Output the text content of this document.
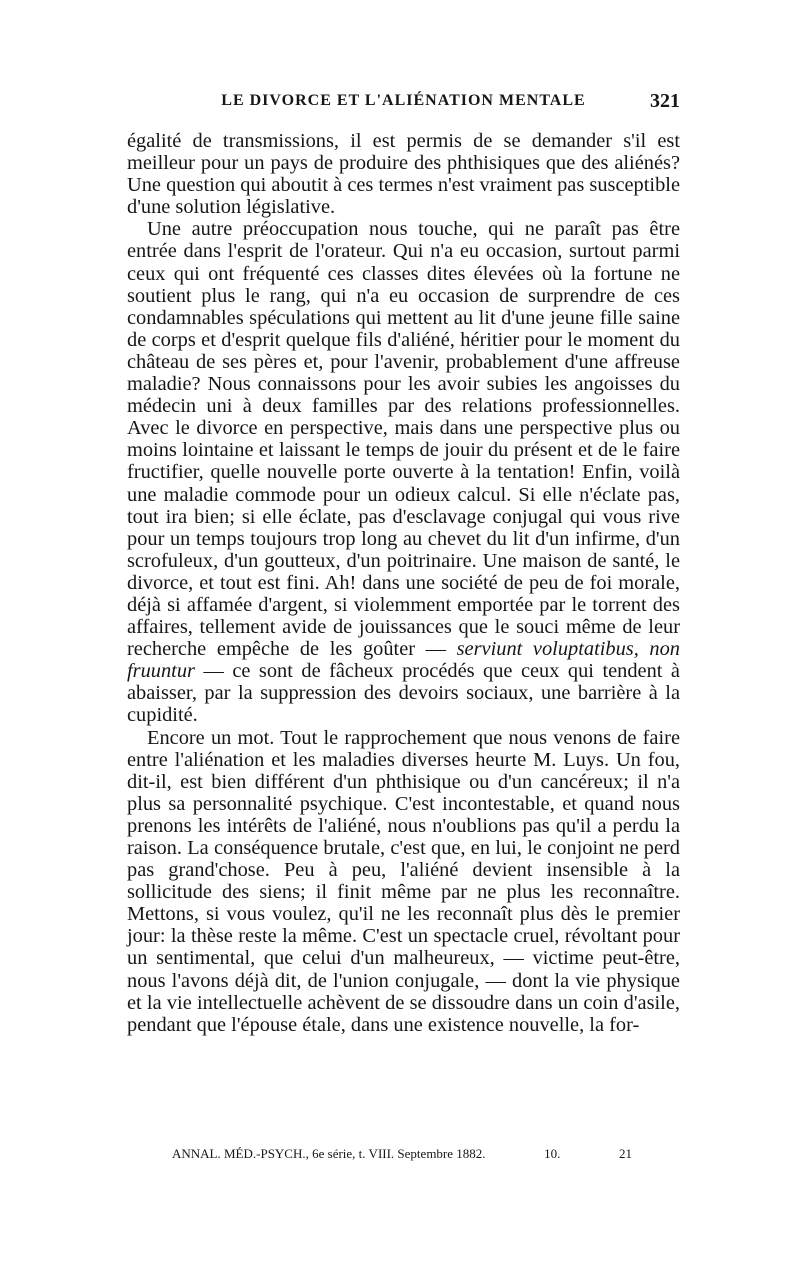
LE DIVORCE ET L'ALIÉNATION MENTALE	321

égalité de transmissions, il est permis de se demander s'il est meilleur pour un pays de produire des phthisiques que des aliénés? Une question qui aboutit à ces termes n'est vraiment pas susceptible d'une solution législative.

Une autre préoccupation nous touche, qui ne paraît pas être entrée dans l'esprit de l'orateur. Qui n'a eu occasion, surtout parmi ceux qui ont fréquenté ces classes dites élevées où la fortune ne soutient plus le rang, qui n'a eu occasion de surprendre de ces condamnables spéculations qui mettent au lit d'une jeune fille saine de corps et d'esprit quelque fils d'aliéné, héritier pour le moment du château de ses pères et, pour l'avenir, probablement d'une affreuse maladie? Nous connaissons pour les avoir subies les angoisses du médecin uni à deux familles par des relations professionnelles. Avec le divorce en perspective, mais dans une perspective plus ou moins lointaine et laissant le temps de jouir du présent et de le faire fructifier, quelle nouvelle porte ouverte à la tentation! Enfin, voilà une maladie commode pour un odieux calcul. Si elle n'éclate pas, tout ira bien; si elle éclate, pas d'esclavage conjugal qui vous rive pour un temps toujours trop long au chevet du lit d'un infirme, d'un scrofuleux, d'un goutteux, d'un poitrinaire. Une maison de santé, le divorce, et tout est fini. Ah! dans une société de peu de foi morale, déjà si affamée d'argent, si violemment emportée par le torrent des affaires, tellement avide de jouissances que le souci même de leur recherche empêche de les goûter — serviunt voluptatibus, non fruuntur — ce sont de fâcheux procédés que ceux qui tendent à abaisser, par la suppression des devoirs sociaux, une barrière à la cupidité.

Encore un mot. Tout le rapprochement que nous venons de faire entre l'aliénation et les maladies diverses heurte M. Luys. Un fou, dit-il, est bien différent d'un phthisique ou d'un cancéreux; il n'a plus sa personnalité psychique. C'est incontestable, et quand nous prenons les intérêts de l'aliéné, nous n'oublions pas qu'il a perdu la raison. La conséquence brutale, c'est que, en lui, le conjoint ne perd pas grand'chose. Peu à peu, l'aliéné devient insensible à la sollicitude des siens; il finit même par ne plus les reconnaître. Mettons, si vous voulez, qu'il ne les reconnaît plus dès le premier jour: la thèse reste la même. C'est un spectacle cruel, révoltant pour un sentimental, que celui d'un malheureux, — victime peut-être, nous l'avons déjà dit, de l'union conjugale, — dont la vie physique et la vie intellectuelle achèvent de se dissoudre dans un coin d'asile, pendant que l'épouse étale, dans une existence nouvelle, la for-

ANNAL. MÉD.-PSYCH., 6e série, t. VIII. Septembre 1882.	10.	21
